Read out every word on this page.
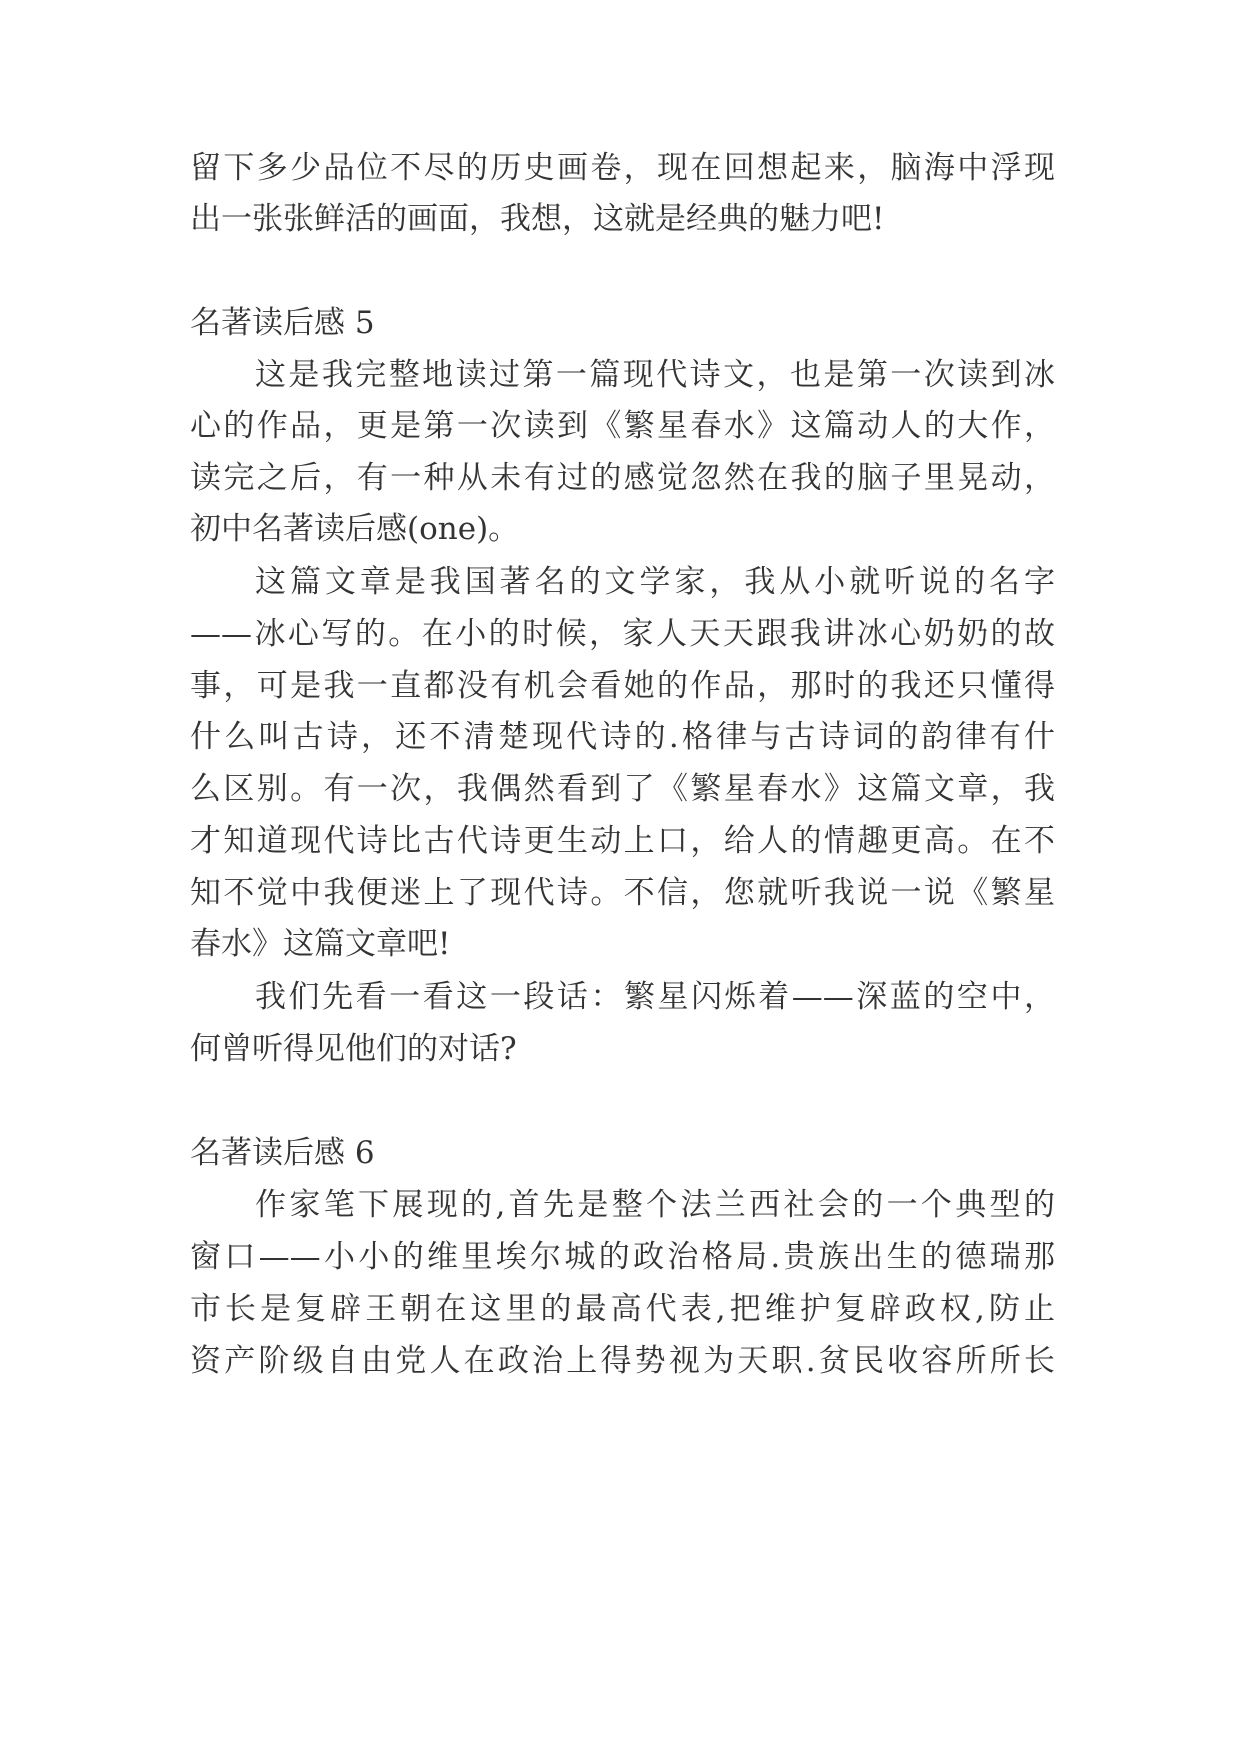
留下多少品位不尽的历史画卷，现在回想起来，脑海中浮现
出一张张鲜活的画面，我想，这就是经典的魅力吧!
名著读后感 5
这是我完整地读过第一篇现代诗文，也是第一次读到冰
心的作品，更是第一次读到《繁星春水》这篇动人的大作，
读完之后，有一种从未有过的感觉忽然在我的脑子里晃动，
初中名著读后感(one)。
这篇文章是我国著名的文学家，我从小就听说的名字
——冰心写的。在小的时候，家人天天跟我讲冰心奶奶的故
事，可是我一直都没有机会看她的作品，那时的我还只懂得
什么叫古诗，还不清楚现代诗的.格律与古诗词的韵律有什
么区别。有一次，我偶然看到了《繁星春水》这篇文章，我
才知道现代诗比古代诗更生动上口，给人的情趣更高。在不
知不觉中我便迷上了现代诗。不信，您就听我说一说《繁星
春水》这篇文章吧!
我们先看一看这一段话：繁星闪烁着——深蓝的空中，
何曾听得见他们的对话?
名著读后感 6
作家笔下展现的,首先是整个法兰西社会的一个典型的
窗口——小小的维里埃尔城的政治格局.贵族出生的德瑞那
市长是复辟王朝在这里的最高代表,把维护复辟政权,防止
资产阶级自由党人在政治上得势视为天职.贫民收容所所长
